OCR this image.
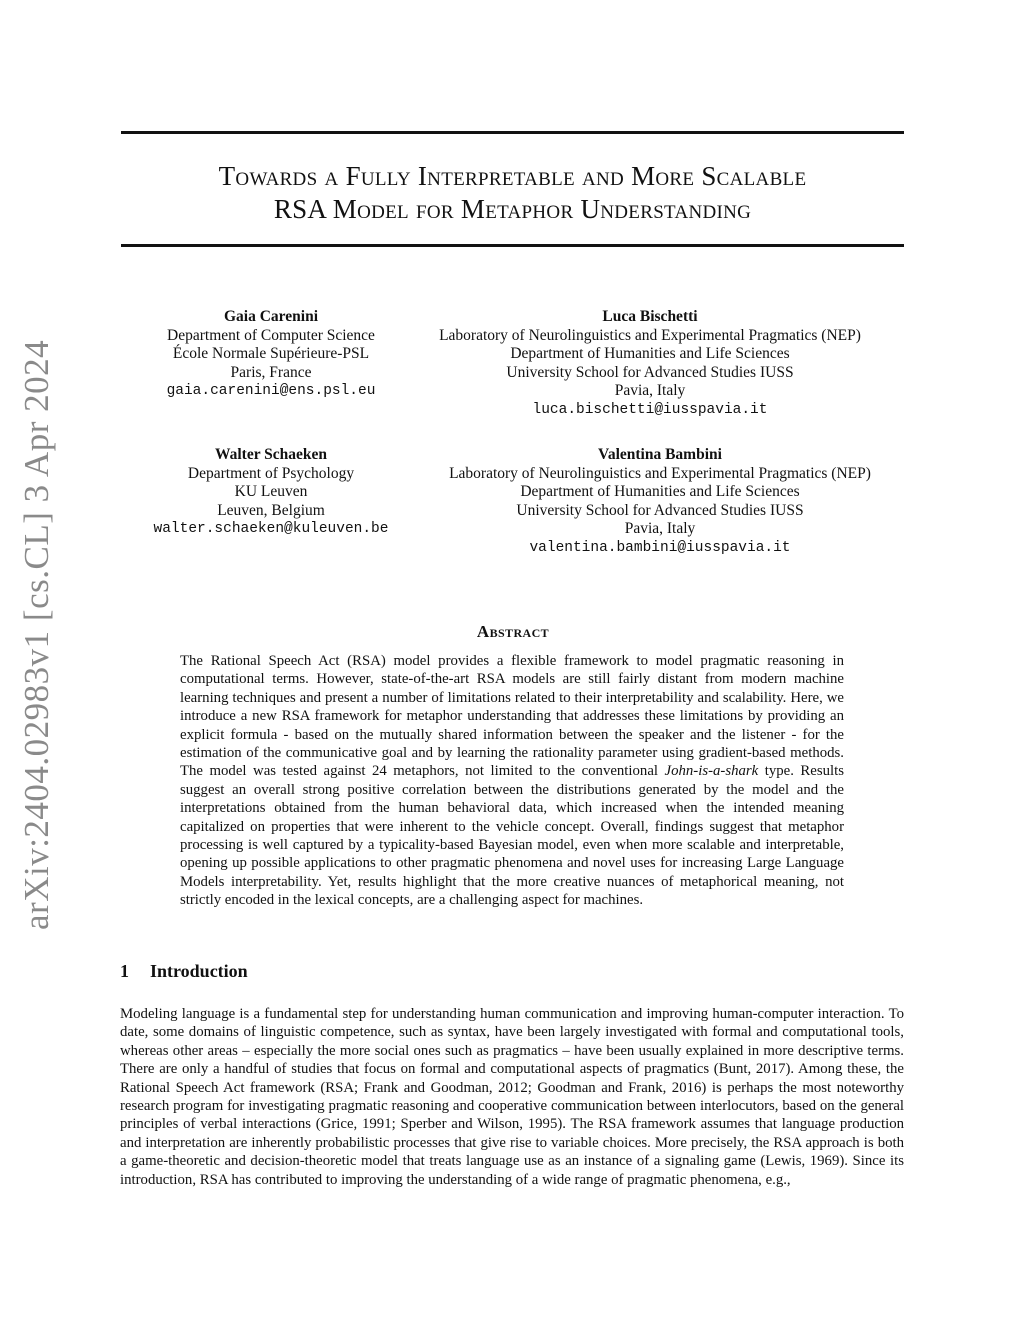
arXiv:2404.02983v1 [cs.CL] 3 Apr 2024
Towards a Fully Interpretable and More Scalable
RSA Model for Metaphor Understanding
Gaia Carenini
Department of Computer Science
École Normale Supérieure-PSL
Paris, France
gaia.carenini@ens.psl.eu
Luca Bischetti
Laboratory of Neurolinguistics and Experimental Pragmatics (NEP)
Department of Humanities and Life Sciences
University School for Advanced Studies IUSS
Pavia, Italy
luca.bischetti@iusspavia.it
Walter Schaeken
Department of Psychology
KU Leuven
Leuven, Belgium
walter.schaeken@kuleuven.be
Valentina Bambini
Laboratory of Neurolinguistics and Experimental Pragmatics (NEP)
Department of Humanities and Life Sciences
University School for Advanced Studies IUSS
Pavia, Italy
valentina.bambini@iusspavia.it
Abstract
The Rational Speech Act (RSA) model provides a flexible framework to model pragmatic reasoning in computational terms. However, state-of-the-art RSA models are still fairly distant from modern machine learning techniques and present a number of limitations related to their interpretability and scalability. Here, we introduce a new RSA framework for metaphor understanding that addresses these limitations by providing an explicit formula - based on the mutually shared information between the speaker and the listener - for the estimation of the communicative goal and by learning the rationality parameter using gradient-based methods. The model was tested against 24 metaphors, not limited to the conventional John-is-a-shark type. Results suggest an overall strong positive correlation between the distributions generated by the model and the interpretations obtained from the human behavioral data, which increased when the intended meaning capitalized on properties that were inherent to the vehicle concept. Overall, findings suggest that metaphor processing is well captured by a typicality-based Bayesian model, even when more scalable and interpretable, opening up possible applications to other pragmatic phenomena and novel uses for increasing Large Language Models interpretability. Yet, results highlight that the more creative nuances of metaphorical meaning, not strictly encoded in the lexical concepts, are a challenging aspect for machines.
1 Introduction
Modeling language is a fundamental step for understanding human communication and improving human-computer interaction. To date, some domains of linguistic competence, such as syntax, have been largely investigated with formal and computational tools, whereas other areas – especially the more social ones such as pragmatics – have been usually explained in more descriptive terms. There are only a handful of studies that focus on formal and computational aspects of pragmatics (Bunt, 2017). Among these, the Rational Speech Act framework (RSA; Frank and Goodman, 2012; Goodman and Frank, 2016) is perhaps the most noteworthy research program for investigating pragmatic reasoning and cooperative communication between interlocutors, based on the general principles of verbal interactions (Grice, 1991; Sperber and Wilson, 1995). The RSA framework assumes that language production and interpretation are inherently probabilistic processes that give rise to variable choices. More precisely, the RSA approach is both a game-theoretic and decision-theoretic model that treats language use as an instance of a signaling game (Lewis, 1969). Since its introduction, RSA has contributed to improving the understanding of a wide range of pragmatic phenomena, e.g.,
